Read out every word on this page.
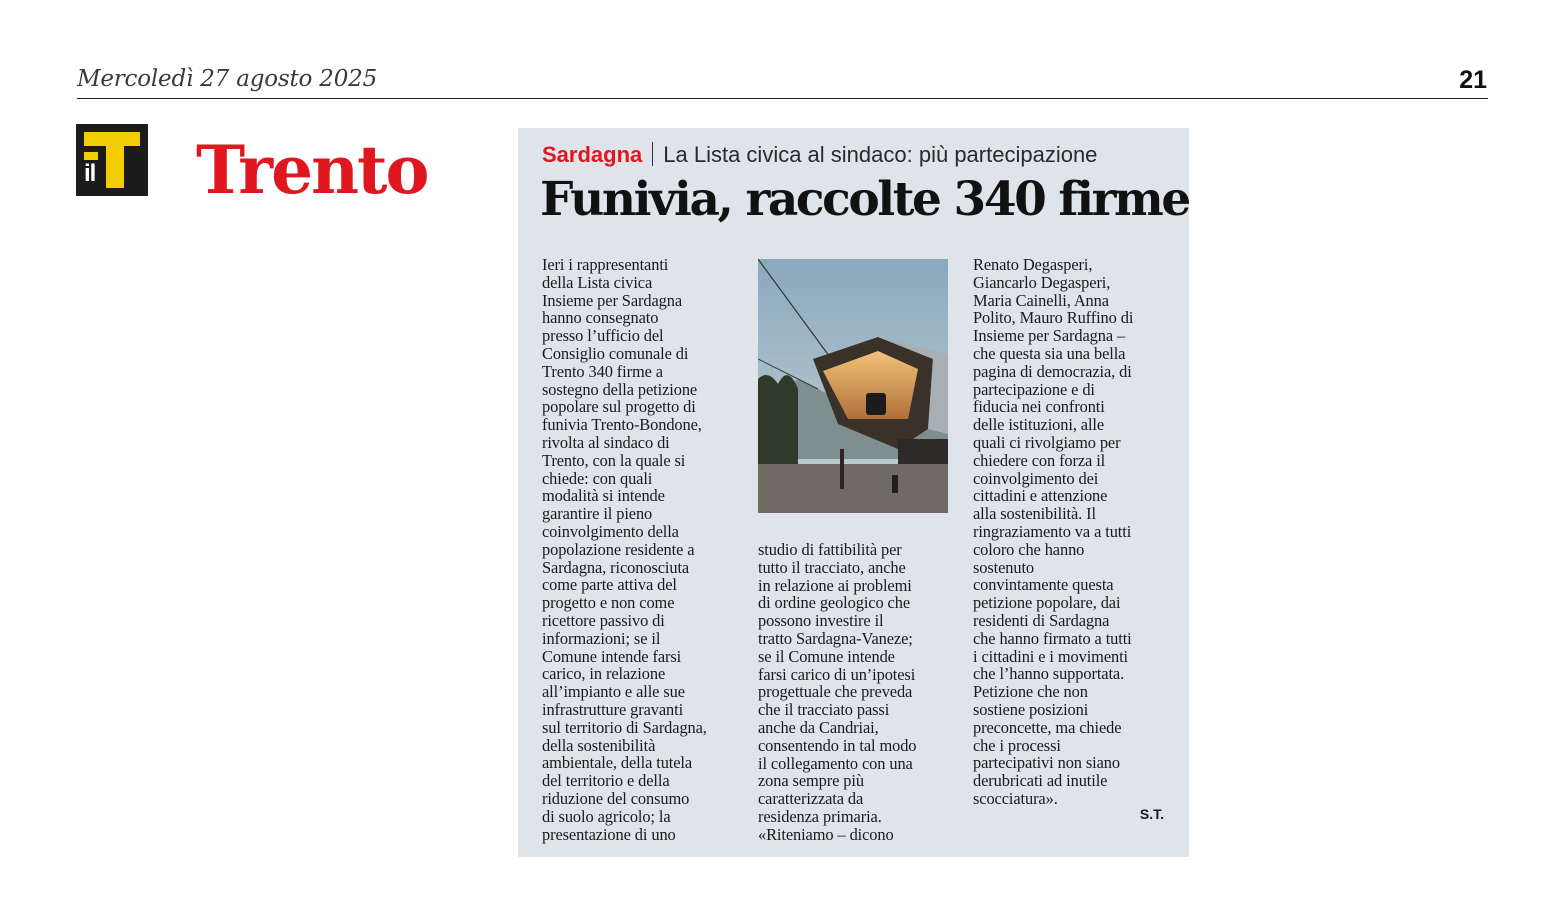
Mercoledì 27 agosto 2025	21
il Trento	Sardagna La Lista civica al sindaco: più partecipazione
Funivia, raccolte 340 firme
Ieri i rappresentanti
della Lista civica
Insieme per Sardagna
hanno consegnato
presso l’ufficio del
Consiglio comunale di
Trento 340 firme a
sostegno della petizione
popolare sul progetto di
funivia Trento-Bondone,
rivolta al sindaco di
Trento, con la quale si
chiede: con quali
modalità si intende
garantire il pieno
coinvolgimento della
popolazione residente a
Sardagna, riconosciuta
come parte attiva del
progetto e non come
ricettore passivo di
informazioni; se il
Comune intende farsi
carico, in relazione
all’impianto e alle sue
infrastrutture gravanti
sul territorio di Sardagna,
della sostenibilità
ambientale, della tutela
del territorio e della
riduzione del consumo
di suolo agricolo; la
presentazione di uno
studio di fattibilità per
tutto il tracciato, anche
in relazione ai problemi
di ordine geologico che
possono investire il
tratto Sardagna-Vaneze;
se il Comune intende
farsi carico di un’ipotesi
progettuale che preveda
che il tracciato passi
anche da Candriai,
consentendo in tal modo
il collegamento con una
zona sempre più
caratterizzata da
residenza primaria.
«Riteniamo – dicono
Renato Degasperi,
Giancarlo Degasperi,
Maria Cainelli, Anna
Polito, Mauro Ruffino di
Insieme per Sardagna –
che questa sia una bella
pagina di democrazia, di
partecipazione e di
fiducia nei confronti
delle istituzioni, alle
quali ci rivolgiamo per
chiedere con forza il
coinvolgimento dei
cittadini e attenzione
alla sostenibilità. Il
ringraziamento va a tutti
coloro che hanno
sostenuto
convintamente questa
petizione popolare, dai
residenti di Sardagna
che hanno firmato a tutti
i cittadini e i movimenti
che l’hanno supportata.
Petizione che non
sostiene posizioni
preconcette, ma chiede
che i processi
partecipativi non siano
derubricati ad inutile
scocciatura».
S.T.
